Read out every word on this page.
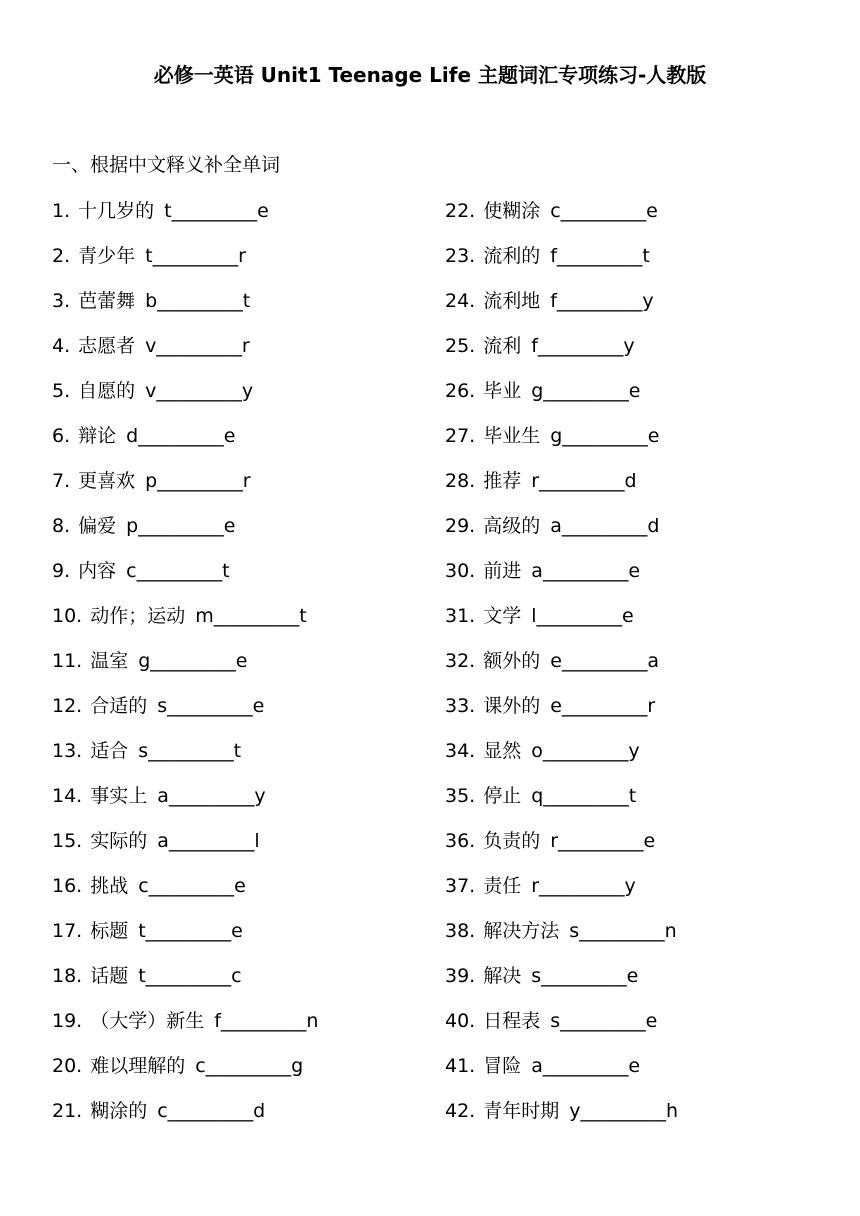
必修一英语 Unit1 Teenage Life 主题词汇专项练习-人教版
一、根据中文释义补全单词
1. 十几岁的 t_________e
2. 青少年 t_________r
3. 芭蕾舞 b_________t
4. 志愿者 v_________r
5. 自愿的 v_________y
6. 辩论 d_________e
7. 更喜欢 p_________r
8. 偏爱 p_________e
9. 内容 c_________t
10. 动作；运动 m_________t
11. 温室 g_________e
12. 合适的 s_________e
13. 适合 s_________t
14. 事实上 a_________y
15. 实际的 a_________l
16. 挑战 c_________e
17. 标题 t_________e
18. 话题 t_________c
19. （大学）新生 f_________n
20. 难以理解的 c_________g
21. 糊涂的 c_________d
22. 使糊涂 c_________e
23. 流利的 f_________t
24. 流利地 f_________y
25. 流利 f_________y
26. 毕业 g_________e
27. 毕业生 g_________e
28. 推荐 r_________d
29. 高级的 a_________d
30. 前进 a_________e
31. 文学 l_________e
32. 额外的 e_________a
33. 课外的 e_________r
34. 显然 o_________y
35. 停止 q_________t
36. 负责的 r_________e
37. 责任 r_________y
38. 解决方法 s_________n
39. 解决 s_________e
40. 日程表 s_________e
41. 冒险 a_________e
42. 青年时期 y_________h
